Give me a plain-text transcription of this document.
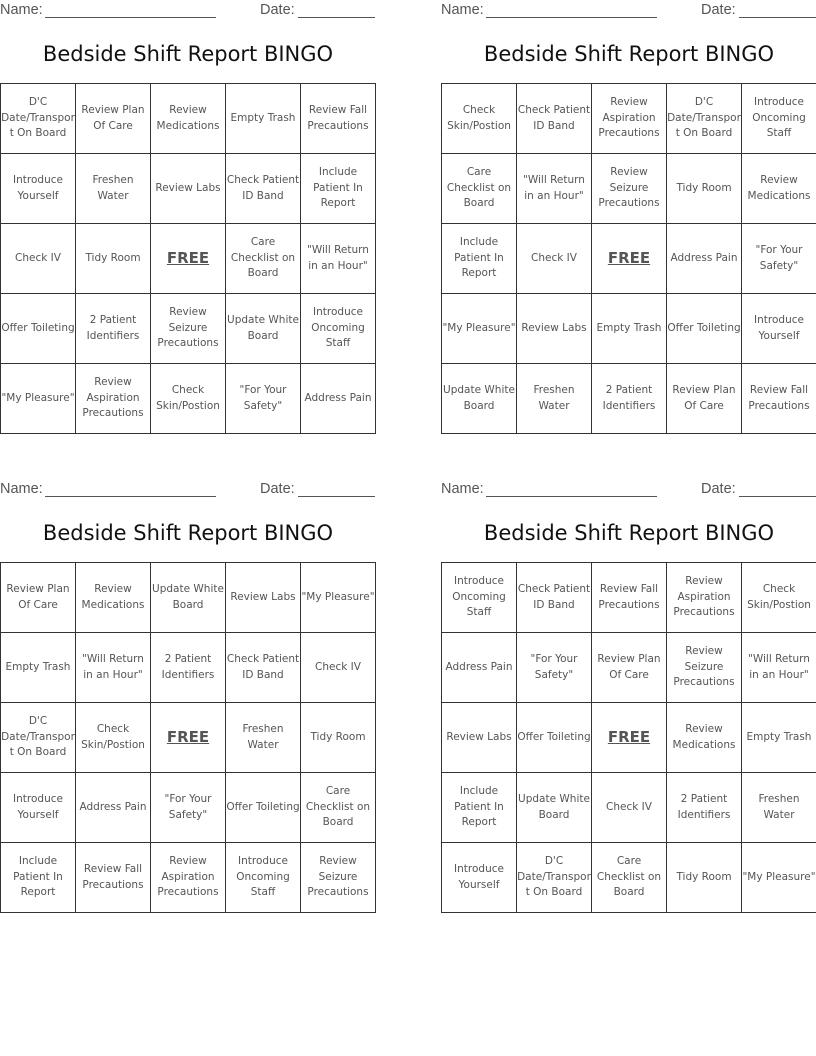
Name:	Date:
Bedside Shift Report BINGO
D'C Date/Transport On Board	Review Plan Of Care	Review Medications	Empty Trash	Review Fall Precautions
Introduce Yourself	Freshen Water	Review Labs	Check Patient ID Band	Include Patient In Report
Check IV	Tidy Room	FREE	Care Checklist on Board	"Will Return in an Hour"
Offer Toileting	2 Patient Identifiers	Review Seizure Precautions	Update White Board	Introduce Oncoming Staff
"My Pleasure"	Review Aspiration Precautions	Check Skin/Postion	"For Your Safety"	Address Pain
Name:	Date:
Bedside Shift Report BINGO
Check Skin/Postion	Check Patient ID Band	Review Aspiration Precautions	D'C Date/Transport On Board	Introduce Oncoming Staff
Care Checklist on Board	"Will Return in an Hour"	Review Seizure Precautions	Tidy Room	Review Medications
Include Patient In Report	Check IV	FREE	Address Pain	"For Your Safety"
"My Pleasure"	Review Labs	Empty Trash	Offer Toileting	Introduce Yourself
Update White Board	Freshen Water	2 Patient Identifiers	Review Plan Of Care	Review Fall Precautions
Name:	Date:
Bedside Shift Report BINGO
Review Plan Of Care	Review Medications	Update White Board	Review Labs	"My Pleasure"
Empty Trash	"Will Return in an Hour"	2 Patient Identifiers	Check Patient ID Band	Check IV
D'C Date/Transport On Board	Check Skin/Postion	FREE	Freshen Water	Tidy Room
Introduce Yourself	Address Pain	"For Your Safety"	Offer Toileting	Care Checklist on Board
Include Patient In Report	Review Fall Precautions	Review Aspiration Precautions	Introduce Oncoming Staff	Review Seizure Precautions
Name:	Date:
Bedside Shift Report BINGO
Introduce Oncoming Staff	Check Patient ID Band	Review Fall Precautions	Review Aspiration Precautions	Check Skin/Postion
Address Pain	"For Your Safety"	Review Plan Of Care	Review Seizure Precautions	"Will Return in an Hour"
Review Labs	Offer Toileting	FREE	Review Medications	Empty Trash
Include Patient In Report	Update White Board	Check IV	2 Patient Identifiers	Freshen Water
Introduce Yourself	D'C Date/Transport On Board	Care Checklist on Board	Tidy Room	"My Pleasure"
